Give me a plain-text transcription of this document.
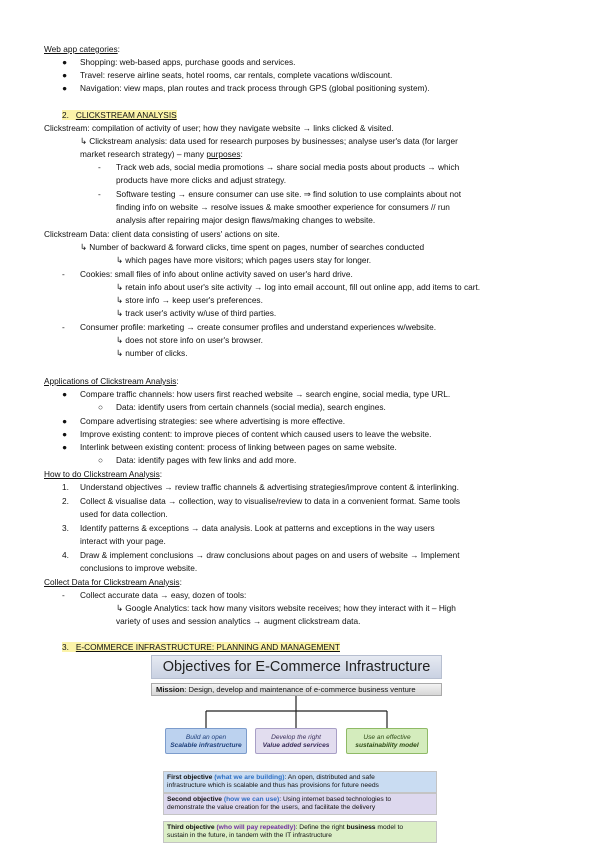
Web app categories:
● Shopping: web-based apps, purchase goods and services.
● Travel: reserve airline seats, hotel rooms, car rentals, complete vacations w/discount.
● Navigation: view maps, plan routes and track process through GPS (global positioning system).
2. CLICKSTREAM ANALYSIS
Clickstream: compilation of activity of user; how they navigate website → links clicked & visited.
↳ Clickstream analysis: data used for research purposes by businesses; analyse user's data (for larger
market research strategy) – many purposes:
- Track web ads, social media promotions → share social media posts about products → which
products have more clicks and adjust strategy.
- Software testing → ensure consumer can use site. ⇒ find solution to use complaints about not
finding info on website → resolve issues & make smoother experience for consumers // run
analysis after repairing major design flaws/making changes to website.
Clickstream Data: client data consisting of users' actions on site.
↳ Number of backward & forward clicks, time spent on pages, number of searches conducted
↳ which pages have more visitors; which pages users stay for longer.
- Cookies: small files of info about online activity saved on user's hard drive.
↳ retain info about user's site activity → log into email account, fill out online app, add items to cart.
↳ store info → keep user's preferences.
↳ track user's activity w/use of third parties.
- Consumer profile: marketing → create consumer profiles and understand experiences w/website.
↳ does not store info on user's browser.
↳ number of clicks.
Applications of Clickstream Analysis:
● Compare traffic channels: how users first reached website → search engine, social media, type URL.
○ Data: identify users from certain channels (social media), search engines.
● Compare advertising strategies: see where advertising is more effective.
● Improve existing content: to improve pieces of content which caused users to leave the website.
● Interlink between existing content: process of linking between pages on same website.
○ Data: identify pages with few links and add more.
How to do Clickstream Analysis:
1. Understand objectives → review traffic channels & advertising strategies/improve content & interlinking.
2. Collect & visualise data → collection, way to visualise/review to data in a convenient format. Same tools
used for data collection.
3. Identify patterns & exceptions → data analysis. Look at patterns and exceptions in the way users
interact with your page.
4. Draw & implement conclusions → draw conclusions about pages on and users of website → Implement
conclusions to improve website.
Collect Data for Clickstream Analysis:
- Collect accurate data → easy, dozen of tools:
↳ Google Analytics: tack how many visitors website receives; how they interact with it – High
variety of uses and session analytics → augment clickstream data.
3. E-COMMERCE INFRASTRUCTURE: PLANNING AND MANAGEMENT
Objectives for E-Commerce Infrastructure
Mission: Design, develop and maintenance of e-commerce business venture
Build an open
Scalable infrastructure
Develop the right
Value added services
Use an effective
sustainability model
First objective (what we are building): An open, distributed and safe
infrastructure which is scalable and thus has provisions for future needs
Second objective (how we can use): Using internet based technologies to
demonstrate the value creation for the users, and facilitate the delivery
Third objective (who will pay repeatedly): Define the right business model to
sustain in the future, in tandem with the IT infrastructure
